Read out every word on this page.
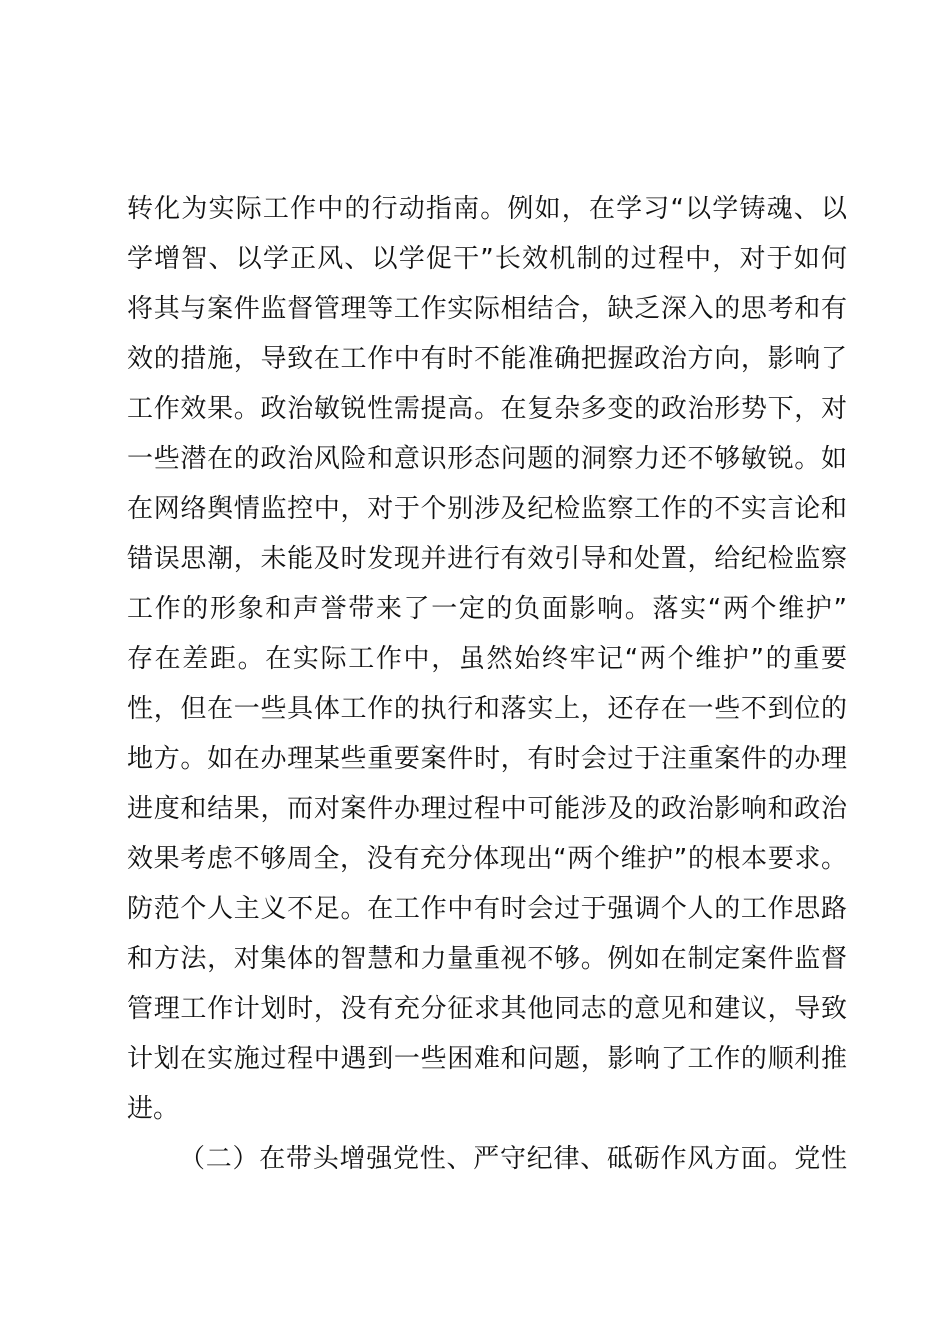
转化为实际工作中的行动指南。例如，在学习“以学铸魂、以
学增智、以学正风、以学促干”长效机制的过程中，对于如何
将其与案件监督管理等工作实际相结合，缺乏深入的思考和有
效的措施，导致在工作中有时不能准确把握政治方向，影响了
工作效果。政治敏锐性需提高。在复杂多变的政治形势下，对
一些潜在的政治风险和意识形态问题的洞察力还不够敏锐。如
在网络舆情监控中，对于个别涉及纪检监察工作的不实言论和
错误思潮，未能及时发现并进行有效引导和处置，给纪检监察
工作的形象和声誉带来了一定的负面影响。落实“两个维护”
存在差距。在实际工作中，虽然始终牢记“两个维护”的重要
性，但在一些具体工作的执行和落实上，还存在一些不到位的
地方。如在办理某些重要案件时，有时会过于注重案件的办理
进度和结果，而对案件办理过程中可能涉及的政治影响和政治
效果考虑不够周全，没有充分体现出“两个维护”的根本要求。
防范个人主义不足。在工作中有时会过于强调个人的工作思路
和方法，对集体的智慧和力量重视不够。例如在制定案件监督
管理工作计划时，没有充分征求其他同志的意见和建议，导致
计划在实施过程中遇到一些困难和问题，影响了工作的顺利推
进。
（二）在带头增强党性、严守纪律、砥砺作风方面。党性
